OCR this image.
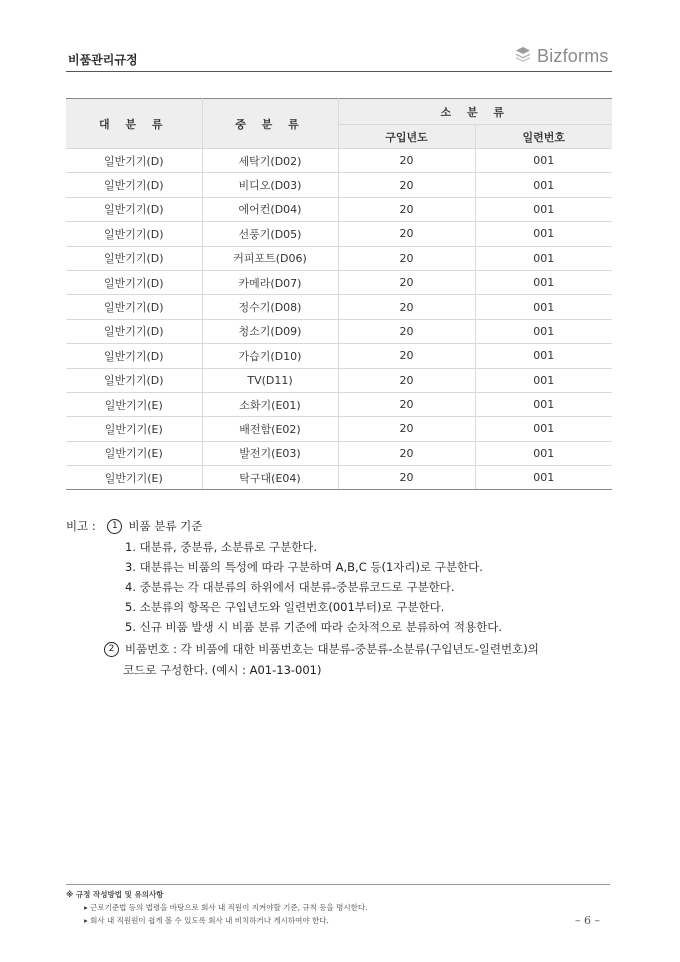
비품관리규정	Bizforms
대 분 류	중 분 류	소 분 류	
		구입년도	일련번호
일반기기(D)	세탁기(D02)	20	001
일반기기(D)	비디오(D03)	20	001
일반기기(D)	에어컨(D04)	20	001
일반기기(D)	선풍기(D05)	20	001
일반기기(D)	커피포트(D06)	20	001
일반기기(D)	카메라(D07)	20	001
일반기기(D)	정수기(D08)	20	001
일반기기(D)	청소기(D09)	20	001
일반기기(D)	가습기(D10)	20	001
일반기기(D)	TV(D11)	20	001
일반기기(E)	소화기(E01)	20	001
일반기기(E)	배전함(E02)	20	001
일반기기(E)	발전기(E03)	20	001
일반기기(E)	탁구대(E04)	20	001
비고 : 1 비품 분류 기준
1. 대분류, 중분류, 소분류로 구분한다.
3. 대분류는 비품의 특성에 따라 구분하며 A,B,C 등(1자리)로 구분한다.
4. 중분류는 각 대분류의 하위에서 대분류-중분류코드로 구분한다.
5. 소분류의 항목은 구입년도와 일련번호(001부터)로 구분한다.
5. 신규 비품 발생 시 비품 분류 기준에 따라 순차적으로 분류하여 적용한다.
2 비품번호 : 각 비품에 대한 비품번호는 대분류-중분류-소분류(구입년도-일련번호)의
코드로 구성한다. (예시 : A01-13-001)
※ 규정 작성방법 및 유의사항
▸ 근로기준법 등의 법령을 바탕으로 회사 내 직원이 지켜야할 기준, 규칙 등을 명시한다.
▸ 회사 내 직원원이 쉽게 볼 수 있도록 회사 내 비치하거나 게시하여야 한다.	– 6 –
